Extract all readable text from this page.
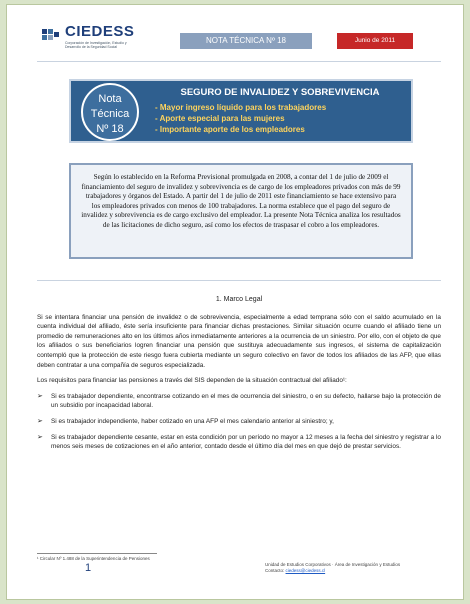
CIEDESS
Corporación de Investigación, Estudio y Desarrollo de la Seguridad Social
NOTA TÉCNICA Nº 18	Junio de 2011
Nota
Técnica
Nº 18
SEGURO DE INVALIDEZ Y SOBREVIVENCIA
- Mayor ingreso líquido para los trabajadores
- Aporte especial para las mujeres
- Importante aporte de los empleadores
Según lo establecido en la Reforma Previsional promulgada en 2008, a contar del 1 de julio de 2009 el financiamiento del seguro de invalidez y sobrevivencia es de cargo de los empleadores privados con más de 99 trabajadores y órganos del Estado. A partir del 1 de julio de 2011 este financiamiento se hace extensivo para los empleadores privados con menos de 100 trabajadores. La norma establece que el pago del seguro de invalidez y sobrevivencia es de cargo exclusivo del empleador. La presente Nota Técnica analiza los resultados de las licitaciones de dicho seguro, así como los efectos de traspasar el cobro a los empleadores.
1. Marco Legal

Si se intentara financiar una pensión de invalidez o de sobrevivencia, especialmente a edad temprana sólo con el saldo acumulado en la cuenta individual del afiliado, éste sería insuficiente para financiar dichas prestaciones. Similar situación ocurre cuando el afiliado tiene un promedio de remuneraciones alto en los últimos años inmediatamente anteriores a la ocurrencia de un siniestro. Por ello, con el objeto de que los afiliados o sus beneficiarios logren financiar una pensión que sustituya adecuadamente sus ingresos, el sistema de capitalización contempló que la protección de este riesgo fuera cubierta mediante un seguro colectivo en favor de todos los afiliados de las AFP, que ellas deben contratar a una compañía de seguros especializada.

Los requisitos para financiar las pensiones a través del SIS dependen de la situación contractual del afiliado¹:

➢	Si es trabajador dependiente, encontrarse cotizando en el mes de ocurrencia del siniestro, o en su defecto, hallarse bajo la protección de un subsidio por incapacidad laboral.
➢	Si es trabajador independiente, haber cotizado en una AFP el mes calendario anterior al siniestro; y,
➢	Si es trabajador dependiente cesante, estar en esta condición por un período no mayor a 12 meses a la fecha del siniestro y registrar a lo menos seis meses de cotizaciones en el año anterior, contado desde el último día del mes en que dejó de prestar servicios.
¹ Circular Nº 1.488 de la Superintendencia de Pensiones
1	Unidad de Estudios Corporativos · Área de Investigación y Estudios
Contacto: ciedess@ciedess.cl
